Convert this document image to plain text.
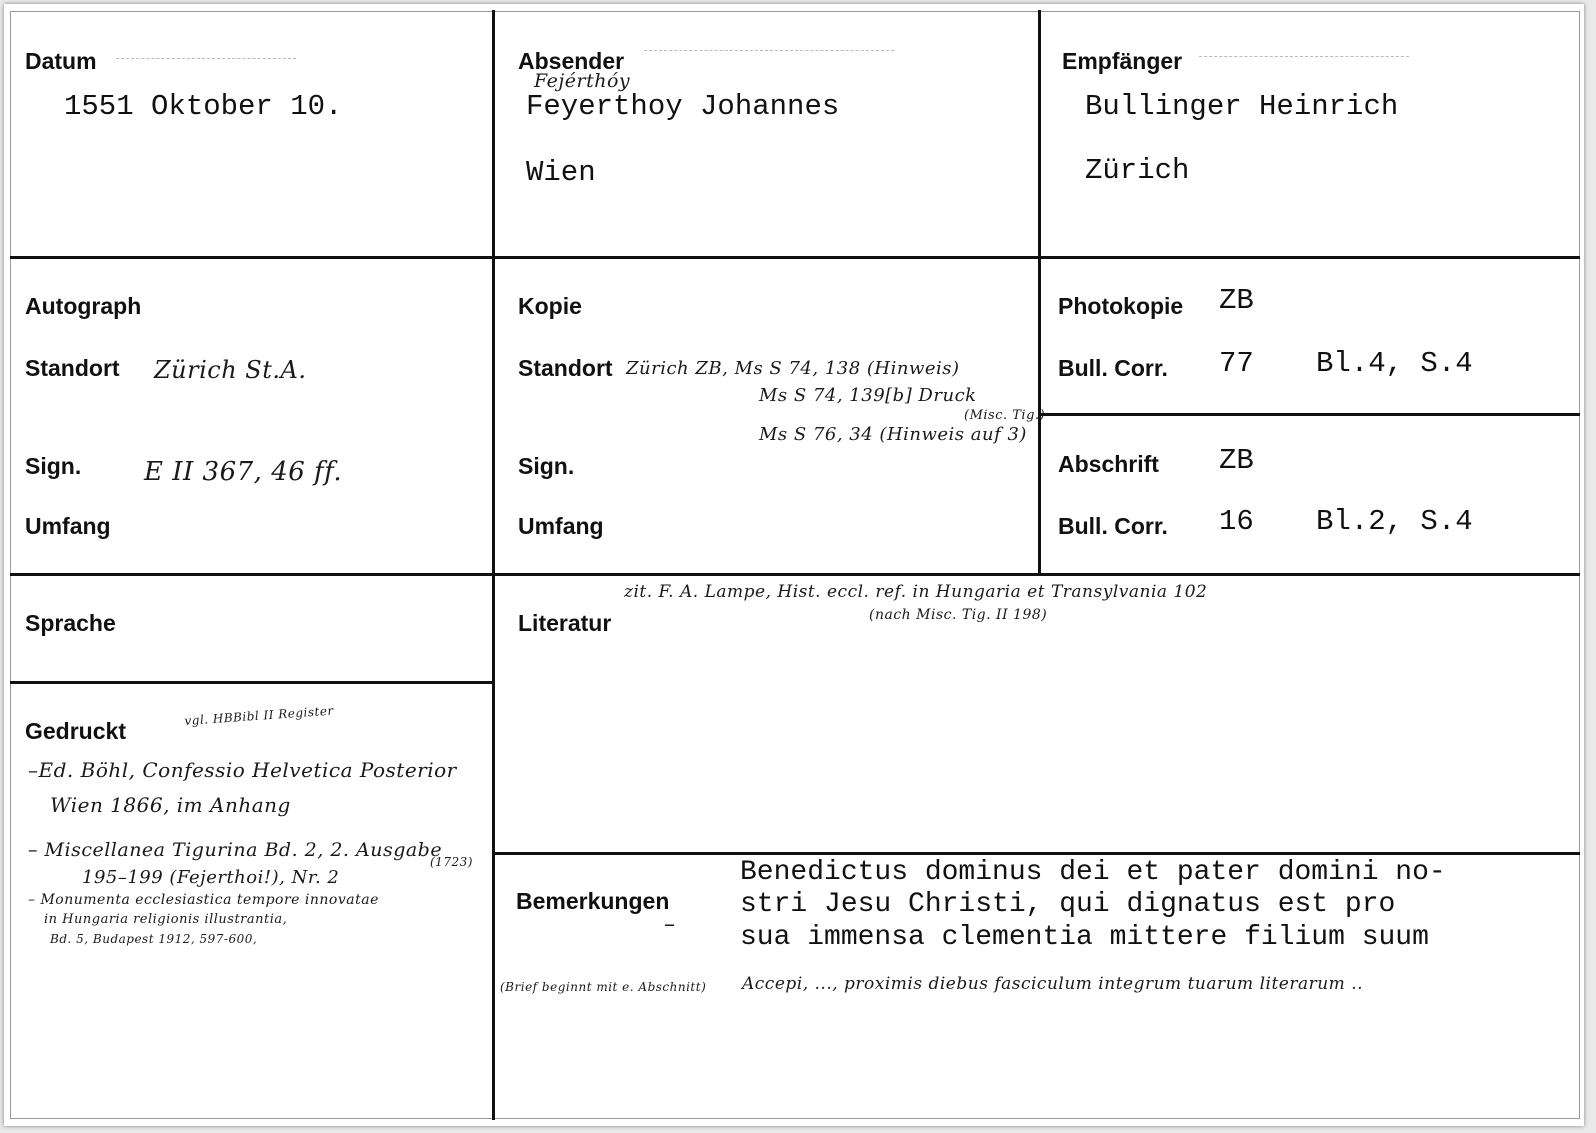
Datum
1551 Oktober 10.
Absender
Fejérthóy
Feyerthoy Johannes
Wien
Empfänger
Bullinger Heinrich
Zürich
Autograph
Standort Zürich St.A.
Sign. E II 367, 46 ff.
Umfang
Kopie
Standort Zürich ZB, Ms S 74, 138 (Hinweis)
Ms S 74, 139[b] Druck
(Misc. Tig.)
Ms S 76, 34 (Hinweis auf 3)
Sign.
Umfang
Photokopie ZB
Bull. Corr. 77 Bl.4, S.4
Abschrift ZB
Bull. Corr. 16 Bl.2, S.4
Sprache	Literatur
zit. F. A. Lampe, Hist. eccl. ref. in Hungaria et Transylvania 102
(nach Misc. Tig. II 198)
Gedruckt
vgl. HBBibl II Register
–Ed. Böhl, Confessio Helvetica Posterior
Wien 1866, im Anhang
– Miscellanea Tigurina Bd. 2, 2. Ausgabe
195–199 (Fejerthoi!), Nr. 2
(1723)
– Monumenta ecclesiastica tempore innovatae
in Hungaria religionis illustrantia,
Bd. 5, Budapest 1912, 597-600,
Bemerkungen
–
Benedictus dominus dei et pater domini no-
stri Jesu Christi, qui dignatus est pro
sua immensa clementia mittere filium suum
(Brief beginnt mit e. Abschnitt) Accepi, ..., proximis diebus fasciculum integrum tuarum literarum ..
